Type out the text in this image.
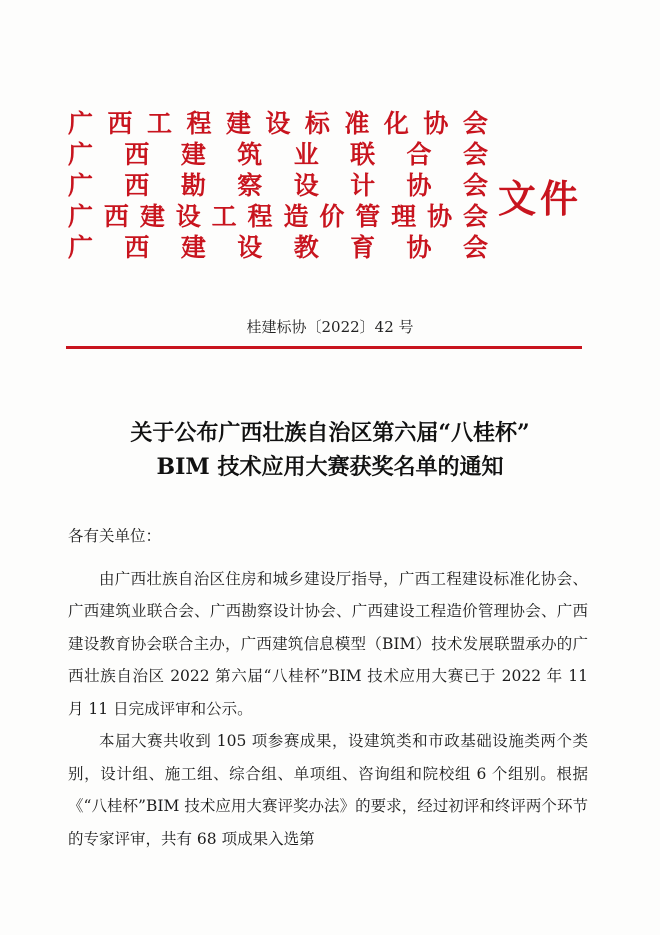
广 西 工 程 建 设 标 准 化 协 会
广 西 建 筑 业 联 合 会
广 西 勘 察 设 计 协 会
广 西 建 设 工 程 造 价 管 理 协 会
广 西 建 设 教 育 协 会
文件
桂建标协〔2022〕42 号
关于公布广西壮族自治区第六届“八桂杯”
BIM 技术应用大赛获奖名单的通知

各有关单位：

由广西壮族自治区住房和城乡建设厅指导，广西工程建设标准化协会、广西建筑业联合会、广西勘察设计协会、广西建设工程造价管理协会、广西建设教育协会联合主办，广西建筑信息模型（BIM）技术发展联盟承办的广西壮族自治区 2022 第六届“八桂杯”BIM 技术应用大赛已于 2022 年 11 月 11 日完成评审和公示。

本届大赛共收到 105 项参赛成果，设建筑类和市政基础设施类两个类别，设计组、施工组、综合组、单项组、咨询组和院校组 6 个组别。根据《“八桂杯”BIM 技术应用大赛评奖办法》的要求，经过初评和终评两个环节的专家评审，共有 68 项成果入选第
